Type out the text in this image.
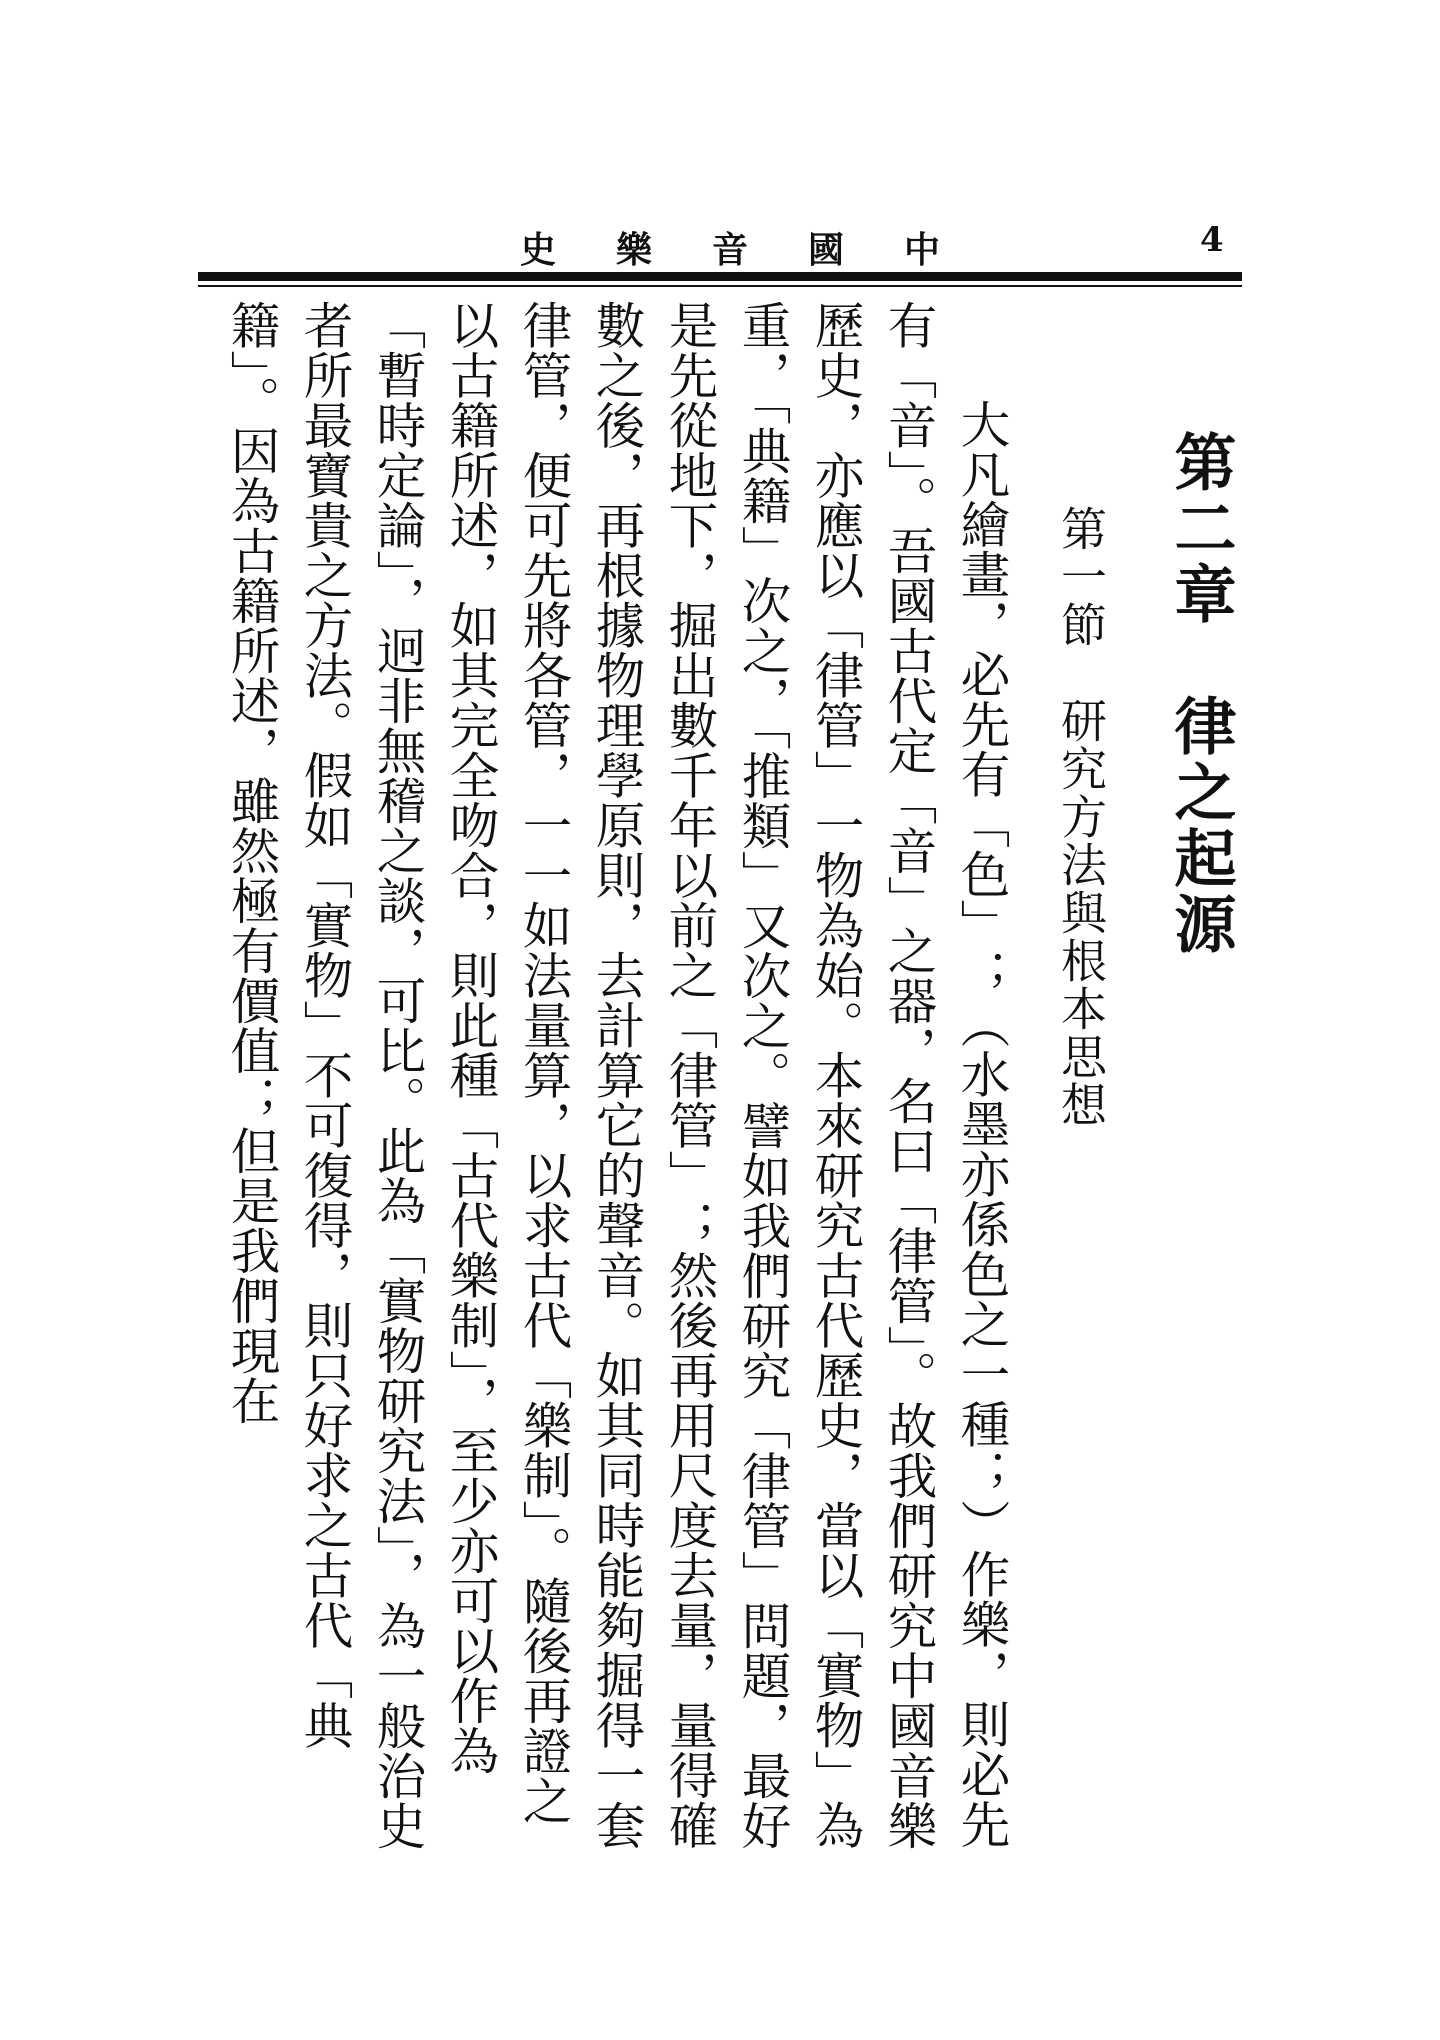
中
國
音
樂
史	4
第二章　律之起源
第一節　研究方法與根本思想

大凡繪畫，必先有「色」；（水墨亦係色之一種；）作樂，則必先有「音」。吾國古代定「音」之器，名曰「律管」。故我們研究中國音樂歷史，亦應以「律管」一物為始。本來研究古代歷史，當以「實物」為重，「典籍」次之，「推類」又次之。譬如我們研究「律管」問題，最好是先從地下，掘出數千年以前之「律管」；然後再用尺度去量，量得確數之後，再根據物理學原則，去計算它的聲音。如其同時能夠掘得一套律管，便可先將各管，一一如法量算，以求古代「樂制」。隨後再證之以古籍所述，如其完全吻合，則此種「古代樂制」，至少亦可以作為「暫時定論」，迥非無稽之談，可比。此為「實物研究法」，為一般治史者所最寶貴之方法。假如「實物」不可復得，則只好求之古代「典籍」。因為古籍所述，雖然極有價值；但是我們現在
